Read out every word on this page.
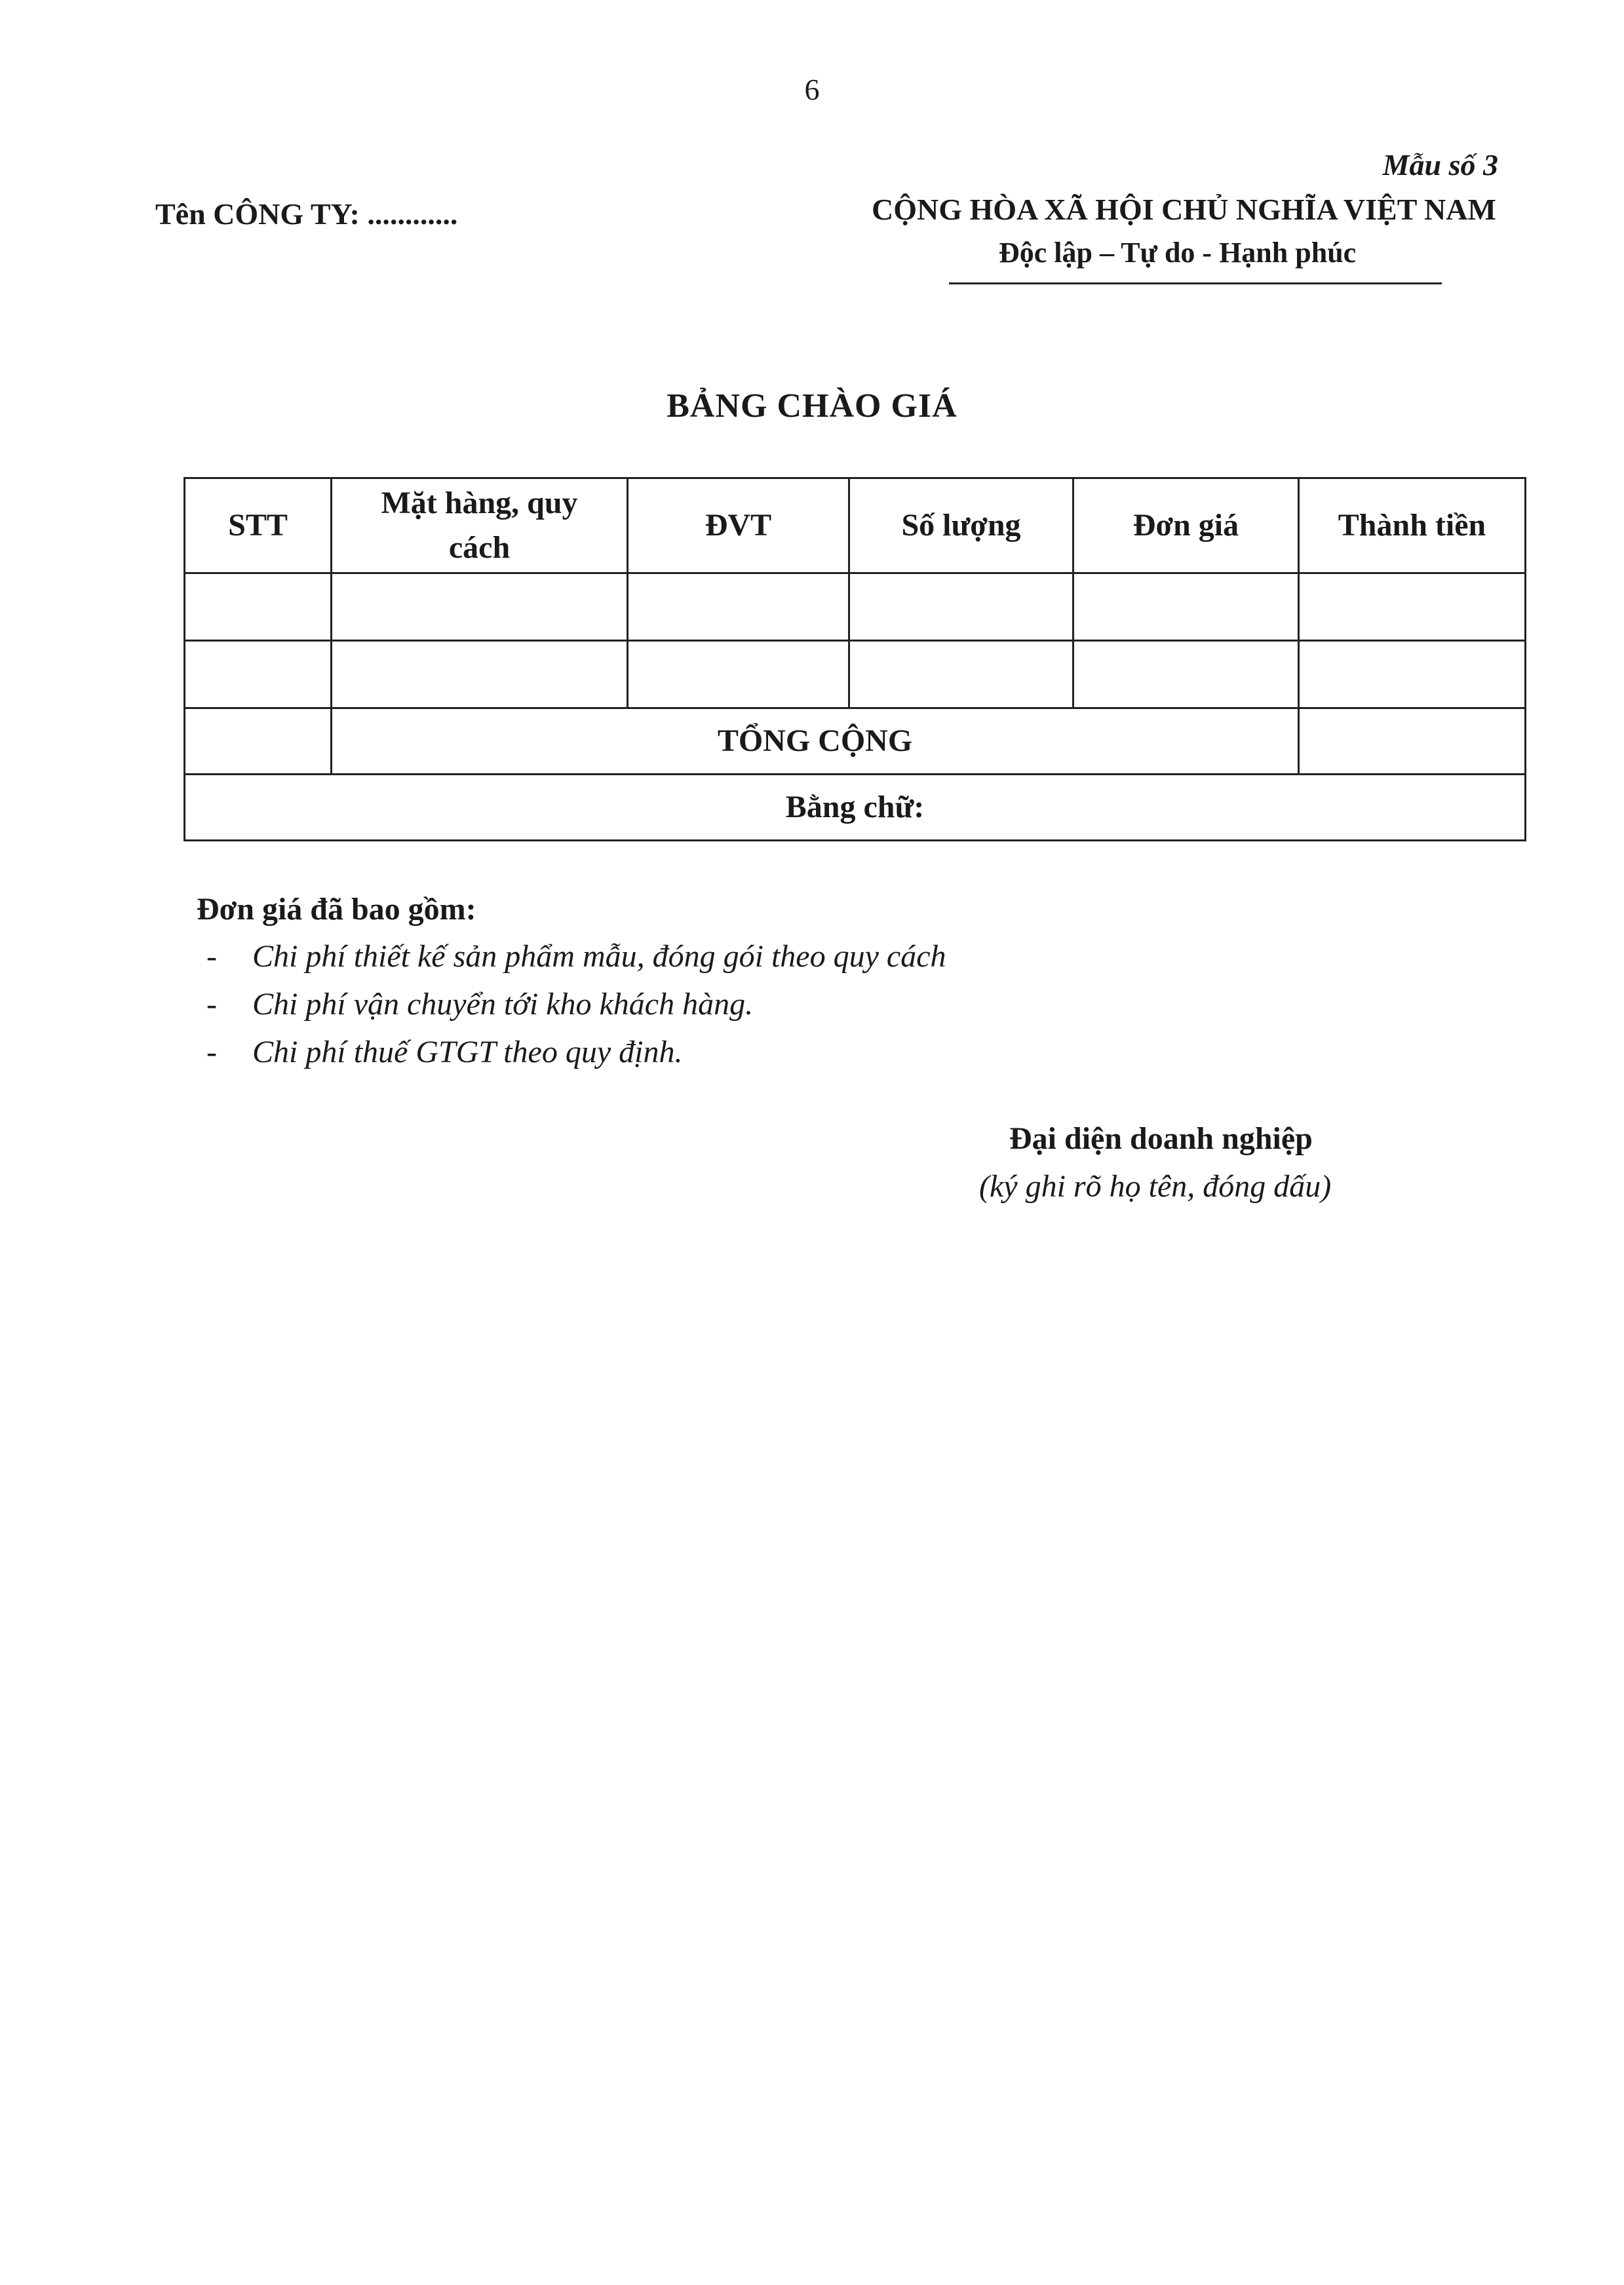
6
Mẫu số 3
Tên CÔNG TY: ............	CỘNG HÒA XÃ HỘI CHỦ NGHĨA VIỆT NAM
Độc lập – Tự do - Hạnh phúc
BẢNG CHÀO GIÁ
STT	Mặt hàng, quy cách	ĐVT	Số lượng	Đơn giá	Thành tiền

	TỔNG CỘNG				
Bằng chữ:					
Đơn giá đã bao gồm:
- Chi phí thiết kế sản phẩm mẫu, đóng gói theo quy cách
- Chi phí vận chuyển tới kho khách hàng.
- Chi phí thuế GTGT theo quy định.
Đại diện doanh nghiệp
(ký ghi rõ họ tên, đóng dấu)
